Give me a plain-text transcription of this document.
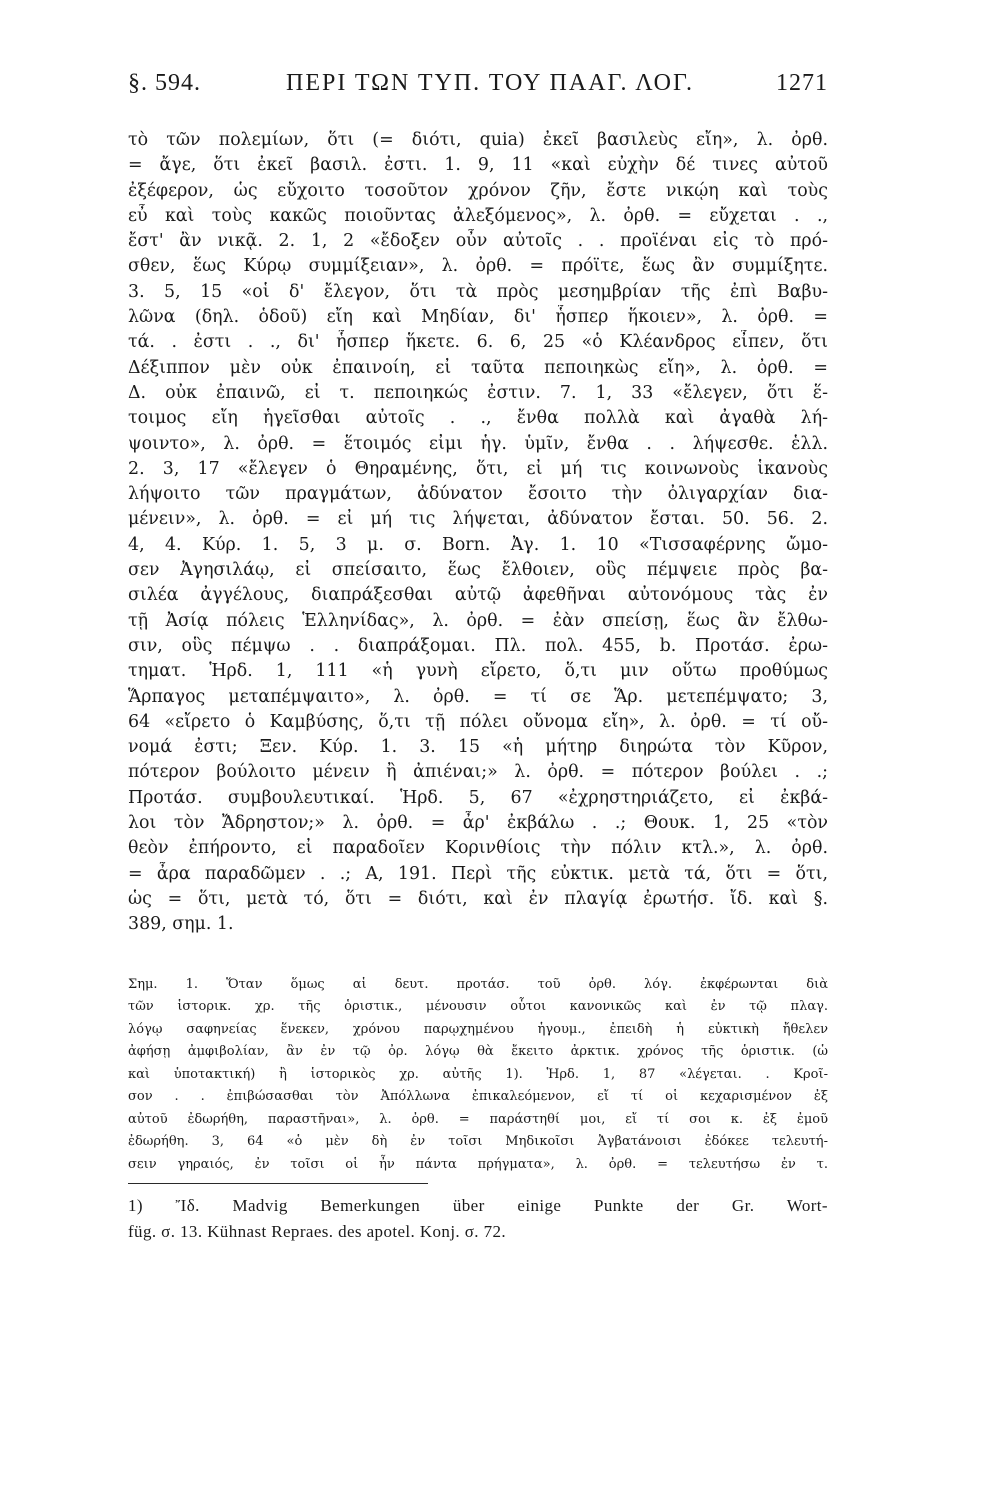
§. 594.	ΠΕΡΙ ΤΩΝ ΤΥΠ. ΤΟΥ ΠΑΑΓ. ΛΟΓ.	1271
τὸ τῶν πολεμίων, ὅτι (= διότι, quia) ἐκεῖ βασιλεὺς εἴη», λ. ὀρθ.
= ἄγε, ὅτι ἐκεῖ βασιλ. ἐστι. 1. 9, 11 «καὶ εὐχὴν δέ τινες αὐτοῦ
ἐξέφερον, ὡς εὔχοιτο τοσοῦτον χρόνον ζῆν, ἔστε νικῴη καὶ τοὺς
εὖ καὶ τοὺς κακῶς ποιοῦντας ἀλεξόμενος», λ. ὀρθ. = εὔχεται . .,
ἔστ' ἂν νικᾷ. 2. 1, 2 «ἔδοξεν οὖν αὐτοῖς . . προϊέναι εἰς τὸ πρό-
σθεν, ἕως Κύρῳ συμμίξειαν», λ. ὀρθ. = πρόϊτε, ἕως ἂν συμμίξητε.
3. 5, 15 «οἱ δ' ἔλεγον, ὅτι τὰ πρὸς μεσημβρίαν τῆς ἐπὶ Βαβυ-
λῶνα (δηλ. ὁδοῦ) εἴη καὶ Μηδίαν, δι' ἧσπερ ἥκοιεν», λ. ὀρθ. =
τά. . ἐστι . ., δι' ἧσπερ ἥκετε. 6. 6, 25 «ὁ Κλέανδρος εἶπεν, ὅτι
Δέξιππον μὲν οὐκ ἐπαινοίη, εἰ ταῦτα πεποιηκὼς εἴη», λ. ὀρθ. =
Δ. οὐκ ἐπαινῶ, εἰ τ. πεποιηκώς ἐστιν. 7. 1, 33 «ἔλεγεν, ὅτι ἕ-
τοιμος εἴη ἡγεῖσθαι αὐτοῖς . ., ἔνθα πολλὰ καὶ ἀγαθὰ λή-
ψοιντο», λ. ὀρθ. = ἕτοιμός εἰμι ἡγ. ὑμῖν, ἔνθα . . λήψεσθε. ἑλλ.
2. 3, 17 «ἔλεγεν ὁ Θηραμένης, ὅτι, εἰ μή τις κοινωνοὺς ἱκανοὺς
λήψοιτο τῶν πραγμάτων, ἀδύνατον ἔσοιτο τὴν ὀλιγαρχίαν δια-
μένειν», λ. ὀρθ. = εἰ μή τις λήψεται, ἀδύνατον ἔσται. 50. 56. 2.
4, 4. Κύρ. 1. 5, 3 μ. σ. Born. Ἀγ. 1. 10 «Τισσαφέρνης ὤμο-
σεν Ἀγησιλάῳ, εἰ σπείσαιτο, ἕως ἔλθοιεν, οὓς πέμψειε πρὸς βα-
σιλέα ἀγγέλους, διαπράξεσθαι αὐτῷ ἀφεθῆναι αὐτονόμους τὰς ἐν
τῇ Ἀσίᾳ πόλεις Ἑλληνίδας», λ. ὀρθ. = ἐὰν σπείσῃ, ἕως ἂν ἔλθω-
σιν, οὓς πέμψω . . διαπράξομαι. Πλ. πολ. 455, b. Προτάσ. ἐρω-
τηματ. Ἡρδ. 1, 111 «ἡ γυνὴ εἴρετο, ὅ,τι μιν οὕτω προθύμως
Ἅρπαγος μεταπέμψαιτο», λ. ὀρθ. = τί σε Ἅρ. μετεπέμψατο; 3,
64 «εἴρετο ὁ Καμβύσης, ὅ,τι τῇ πόλει οὔνομα εἴη», λ. ὀρθ. = τί οὔ-
νομά ἐστι; Ξεν. Κύρ. 1. 3. 15 «ἡ μήτηρ διηρώτα τὸν Κῦρον,
πότερον βούλοιτο μένειν ἢ ἀπιέναι;» λ. ὀρθ. = πότερον βούλει . .;
Προτάσ. συμβουλευτικαί. Ἡρδ. 5, 67 «ἐχρηστηριάζετο, εἰ ἐκβά-
λοι τὸν Ἄδρηστον;» λ. ὀρθ. = ἆρ' ἐκβάλω . .; Θουκ. 1, 25 «τὸν
θεὸν ἐπήροντο, εἰ παραδοῖεν Κορινθίοις τὴν πόλιν κτλ.», λ. ὀρθ.
= ἆρα παραδῶμεν . .; Α, 191. Περὶ τῆς εὐκτικ. μετὰ τά, ὅτι = ὅτι,
ὡς = ὅτι, μετὰ τό, ὅτι = διότι, καὶ ἐν πλαγίᾳ ἐρωτήσ. ἴδ. καὶ §.
389, σημ. 1.
Σημ. 1. Ὅταν ὅμως αἱ δευτ. προτάσ. τοῦ ὀρθ. λόγ. ἐκφέρωνται διὰ
τῶν ἱστορικ. χρ. τῆς ὁριστικ., μένουσιν οὗτοι κανονικῶς καὶ ἐν τῷ πλαγ.
λόγῳ σαφηνείας ἕνεκεν, χρόνου παρῳχημένου ἡγουμ., ἐπειδὴ ἡ εὐκτικὴ ἤθελεν
ἀφήσῃ ἀμφιβολίαν, ἂν ἐν τῷ ὀρ. λόγῳ θὰ ἔκειτο ἀρκτικ. χρόνος τῆς ὁριστικ. (ὡ
καὶ ὑποτακτική) ἢ ἱστορικὸς χρ. αὐτῆς 1). Ἡρδ. 1, 87 «λέγεται. . Κροῖ-
σον . . ἐπιβώσασθαι τὸν Ἀπόλλωνα ἐπικαλεόμενον, εἴ τί οἱ κεχαρισμένον ἐξ
αὐτοῦ ἐδωρήθη, παραστῆναι», λ. ὀρθ. = παράστηθί μοι, εἴ τί σοι κ. ἐξ ἐμοῦ
ἐδωρήθη. 3, 64 «ὁ μὲν δὴ ἐν τοῖσι Μηδικοῖσι Ἀγβατάνοισι ἐδόκεε τελευτή-
σειν γηραιός, ἐν τοῖσι οἱ ἦν πάντα πρήγματα», λ. ὀρθ. = τελευτήσω ἐν τ.
1) Ἴδ. Madvig Bemerkungen über einige Punkte der Gr. Wort-
füg. σ. 13. Kühnast Repraes. des apotel. Konj. σ. 72.
